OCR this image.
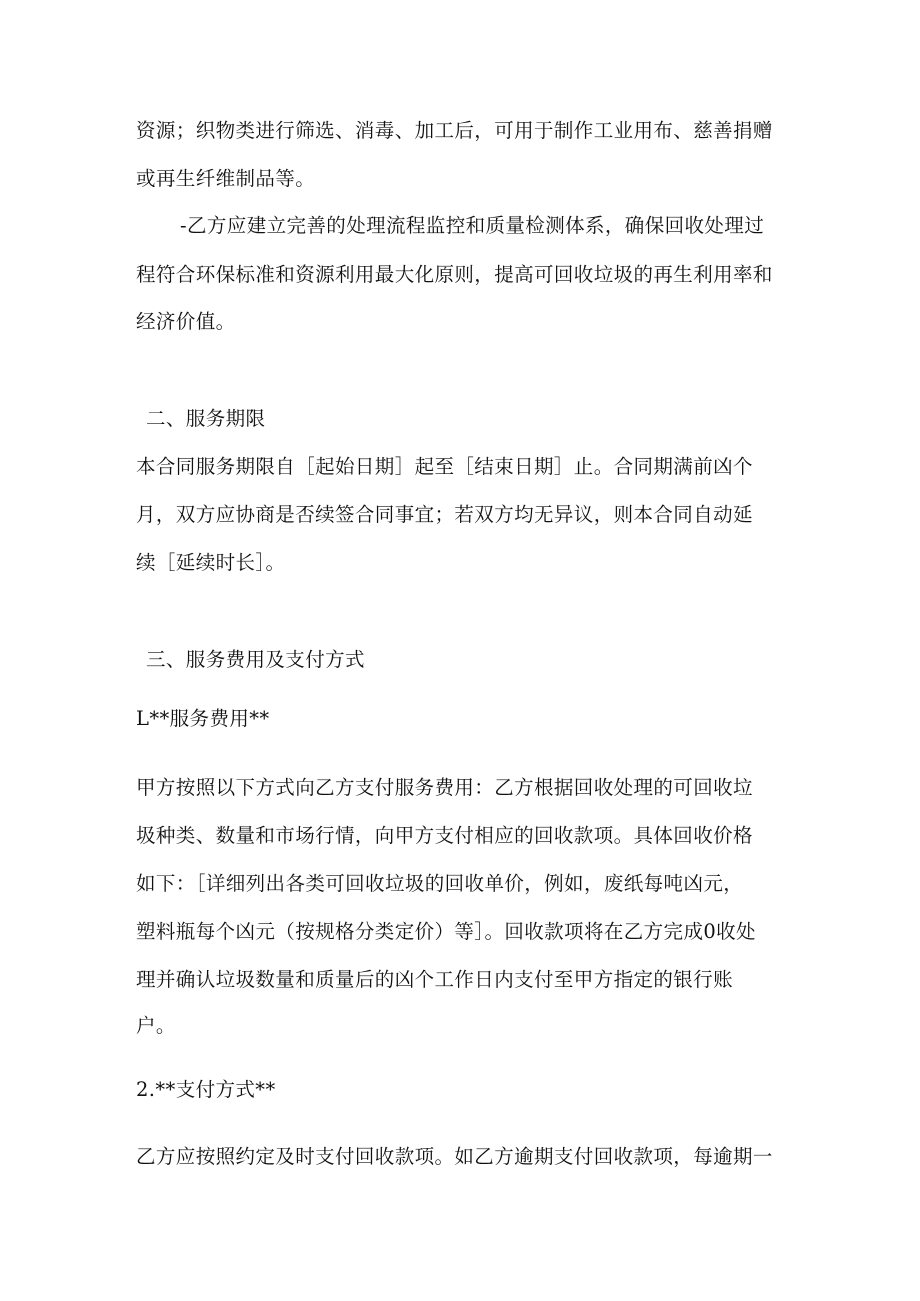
资源；织物类进行筛选、消毒、加工后，可用于制作工业用布、慈善捐赠
或再生纤维制品等。
-乙方应建立完善的处理流程监控和质量检测体系，确保回收处理过
程符合环保标准和资源利用最大化原则，提高可回收垃圾的再生利用率和
经济价值。
二、服务期限
本合同服务期限自［起始日期］起至［结束日期］止。合同期满前凶个
月，双方应协商是否续签合同事宜；若双方均无异议，则本合同自动延
续［延续时长］。
三、服务费用及支付方式
L**服务费用**
甲方按照以下方式向乙方支付服务费用：乙方根据回收处理的可回收垃
圾种类、数量和市场行情，向甲方支付相应的回收款项。具体回收价格
如下：［详细列出各类可回收垃圾的回收单价，例如，废纸每吨凶元，
塑料瓶每个凶元（按规格分类定价）等］。回收款项将在乙方完成0收处
理并确认垃圾数量和质量后的凶个工作日内支付至甲方指定的银行账
户。
2.**支付方式**
乙方应按照约定及时支付回收款项。如乙方逾期支付回收款项，每逾期一
